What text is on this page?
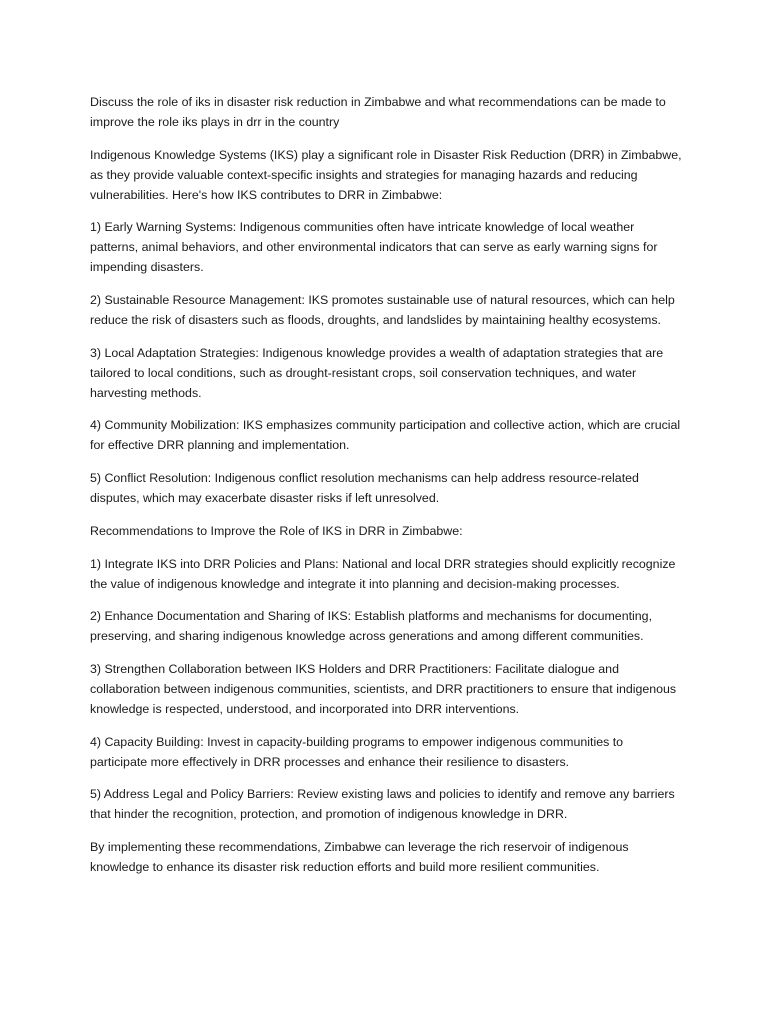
Discuss the role of iks in disaster risk reduction in Zimbabwe and what recommendations can be made to improve the role iks plays in drr in the country

Indigenous Knowledge Systems (IKS) play a significant role in Disaster Risk Reduction (DRR) in Zimbabwe, as they provide valuable context-specific insights and strategies for managing hazards and reducing vulnerabilities. Here's how IKS contributes to DRR in Zimbabwe:

1) Early Warning Systems: Indigenous communities often have intricate knowledge of local weather patterns, animal behaviors, and other environmental indicators that can serve as early warning signs for impending disasters.

2) Sustainable Resource Management: IKS promotes sustainable use of natural resources, which can help reduce the risk of disasters such as floods, droughts, and landslides by maintaining healthy ecosystems.

3) Local Adaptation Strategies: Indigenous knowledge provides a wealth of adaptation strategies that are tailored to local conditions, such as drought-resistant crops, soil conservation techniques, and water harvesting methods.

4) Community Mobilization: IKS emphasizes community participation and collective action, which are crucial for effective DRR planning and implementation.

5) Conflict Resolution: Indigenous conflict resolution mechanisms can help address resource-related disputes, which may exacerbate disaster risks if left unresolved.

Recommendations to Improve the Role of IKS in DRR in Zimbabwe:

1) Integrate IKS into DRR Policies and Plans: National and local DRR strategies should explicitly recognize the value of indigenous knowledge and integrate it into planning and decision-making processes.

2) Enhance Documentation and Sharing of IKS: Establish platforms and mechanisms for documenting, preserving, and sharing indigenous knowledge across generations and among different communities.

3) Strengthen Collaboration between IKS Holders and DRR Practitioners: Facilitate dialogue and collaboration between indigenous communities, scientists, and DRR practitioners to ensure that indigenous knowledge is respected, understood, and incorporated into DRR interventions.

4) Capacity Building: Invest in capacity-building programs to empower indigenous communities to participate more effectively in DRR processes and enhance their resilience to disasters.

5) Address Legal and Policy Barriers: Review existing laws and policies to identify and remove any barriers that hinder the recognition, protection, and promotion of indigenous knowledge in DRR.

By implementing these recommendations, Zimbabwe can leverage the rich reservoir of indigenous knowledge to enhance its disaster risk reduction efforts and build more resilient communities.
